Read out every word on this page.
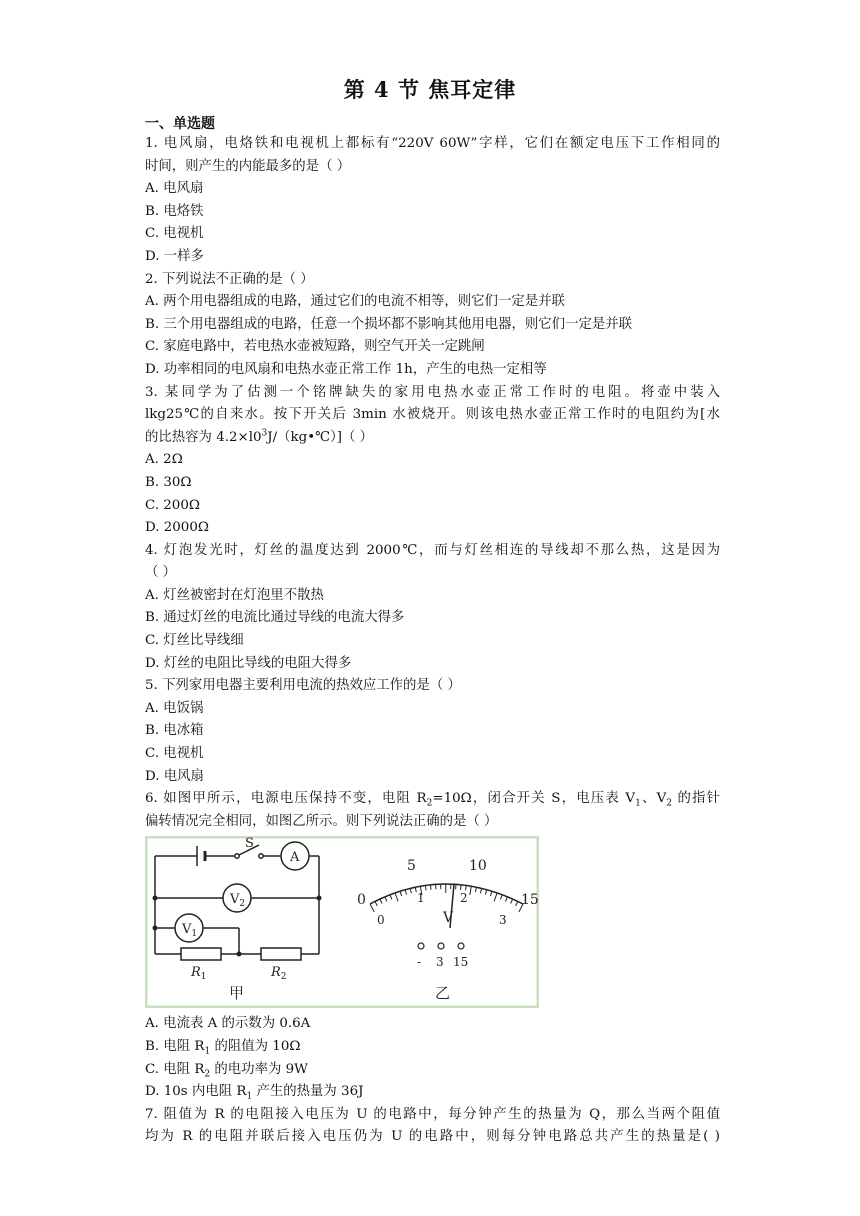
第 4 节 焦耳定律
一、单选题
1. 电风扇，电烙铁和电视机上都标有“220V 60W”字样，它们在额定电压下工作相同的
时间，则产生的内能最多的是（ ）
A. 电风扇
B. 电烙铁
C. 电视机
D. 一样多
2. 下列说法不正确的是（ ）
A. 两个用电器组成的电路，通过它们的电流不相等，则它们一定是并联
B. 三个用电器组成的电路，任意一个损坏都不影响其他用电器，则它们一定是并联
C. 家庭电路中，若电热水壶被短路，则空气开关一定跳闸
D. 功率相同的电风扇和电热水壶正常工作 1h，产生的电热一定相等
3. 某同学为了估测一个铭牌缺失的家用电热水壶正常工作时的电阻。将壶中装入
lkg25℃的自来水。按下开关后 3min 水被烧开。则该电热水壶正常工作时的电阻约为[水
的比热容为 $4.2\times l0^3J/(kg•℃)$]（ ）
A. 2Ω
B. 30Ω
C. 200Ω
D. 2000Ω
4. 灯泡发光时，灯丝的温度达到 2000℃，而与灯丝相连的导线却不那么热，这是因为
（ ）
A. 灯丝被密封在灯泡里不散热
B. 通过灯丝的电流比通过导线的电流大得多
C. 灯丝比导线细
D. 灯丝的电阻比导线的电阻大得多
5. 下列家用电器主要利用电流的热效应工作的是（ ）
A. 电饭锅
B. 电冰箱
C. 电视机
D. 电风扇
6. 如图甲所示，电源电压保持不变，电阻 $R_2=10\Omega$，闭合开关 S，电压表 $V_1$、$V_2$ 的指针
偏转情况完全相同，如图乙所示。则下列说法正确的是（ ）
S
A
$V_2$
$V_1$
$R_1$	$R_2$
甲	乙
0
5	10
15
0
1	2
3
V
- 3 15
A. 电流表 A 的示数为 0.6A
B. 电阻 $R_1$ 的阻值为 10Ω
C. 电阻 $R_2$ 的电功率为 9W
D. 10s 内电阻 $R_1$ 产生的热量为 36J
7. 阻值为 R 的电阻接入电压为 U 的电路中，每分钟产生的热量为 Q，那么当两个阻值
均为 R 的电阻并联后接入电压仍为 U 的电路中，则每分钟电路总共产生的热量是( )
